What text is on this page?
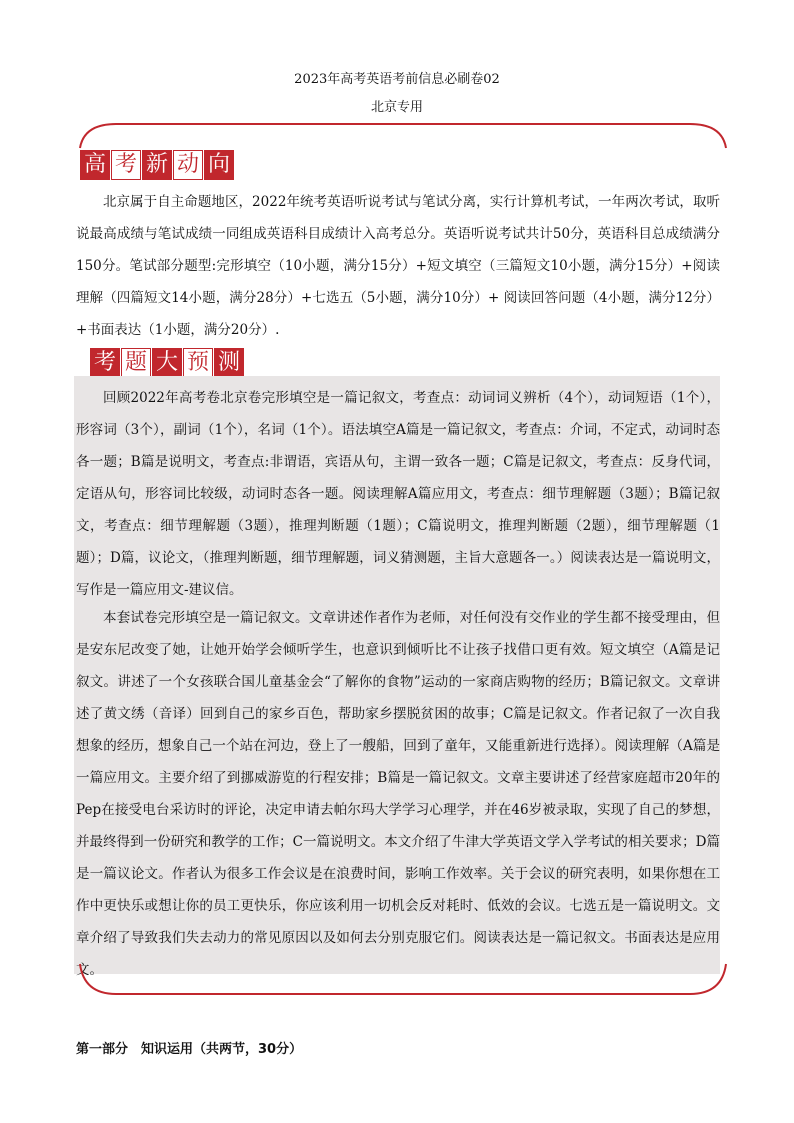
2023年高考英语考前信息必刷卷02
北京专用
高 考 新 动 向

北京属于自主命题地区，2022年统考英语听说考试与笔试分离，实行计算机考试，一年两次考试，取听说最高成绩与笔试成绩一同组成英语科目成绩计入高考总分。英语听说考试共计50分，英语科目总成绩满分150分。笔试部分题型:完形填空（10小题，满分15分）+短文填空（三篇短文10小题，满分15分）+阅读理解（四篇短文14小题，满分28分）+七选五（5小题，满分10分）+ 阅读回答问题（4小题，满分12分）+书面表达（1小题，满分20分）.

考 题 大 预 测

回顾2022年高考卷北京卷完形填空是一篇记叙文，考查点：动词词义辨析（4个），动词短语（1个），形容词（3个），副词（1个），名词（1个）。语法填空A篇是一篇记叙文，考查点：介词，不定式，动词时态各一题；B篇是说明文，考查点:非谓语，宾语从句，主谓一致各一题；C篇是记叙文，考查点：反身代词，定语从句，形容词比较级，动词时态各一题。阅读理解A篇应用文，考查点：细节理解题（3题）；B篇记叙文，考查点：细节理解题（3题），推理判断题（1题）；C篇说明文，推理判断题（2题），细节理解题（1题）；D篇，议论文，（推理判断题，细节理解题，词义猜测题，主旨大意题各一。）阅读表达是一篇说明文，写作是一篇应用文-建议信。

本套试卷完形填空是一篇记叙文。文章讲述作者作为老师，对任何没有交作业的学生都不接受理由，但是安东尼改变了她，让她开始学会倾听学生，也意识到倾听比不让孩子找借口更有效。短文填空（A篇是记叙文。讲述了一个女孩联合国儿童基金会“了解你的食物”运动的一家商店购物的经历；B篇记叙文。文章讲述了黄文绣（音译）回到自己的家乡百色，帮助家乡摆脱贫困的故事；C篇是记叙文。作者记叙了一次自我想象的经历，想象自己一个站在河边，登上了一艘船，回到了童年，又能重新进行选择）。阅读理解（A篇是一篇应用文。主要介绍了到挪威游览的行程安排；B篇是一篇记叙文。文章主要讲述了经营家庭超市20年的Pep在接受电台采访时的评论，决定申请去帕尔玛大学学习心理学，并在46岁被录取，实现了自己的梦想，并最终得到一份研究和教学的工作；C一篇说明文。本文介绍了牛津大学英语文学入学考试的相关要求；D篇是一篇议论文。作者认为很多工作会议是在浪费时间，影响工作效率。关于会议的研究表明，如果你想在工作中更快乐或想让你的员工更快乐，你应该利用一切机会反对耗时、低效的会议。七选五是一篇说明文。文章介绍了导致我们失去动力的常见原因以及如何去分别克服它们。阅读表达是一篇记叙文。书面表达是应用文。

第一部分　知识运用（共两节，30分）
